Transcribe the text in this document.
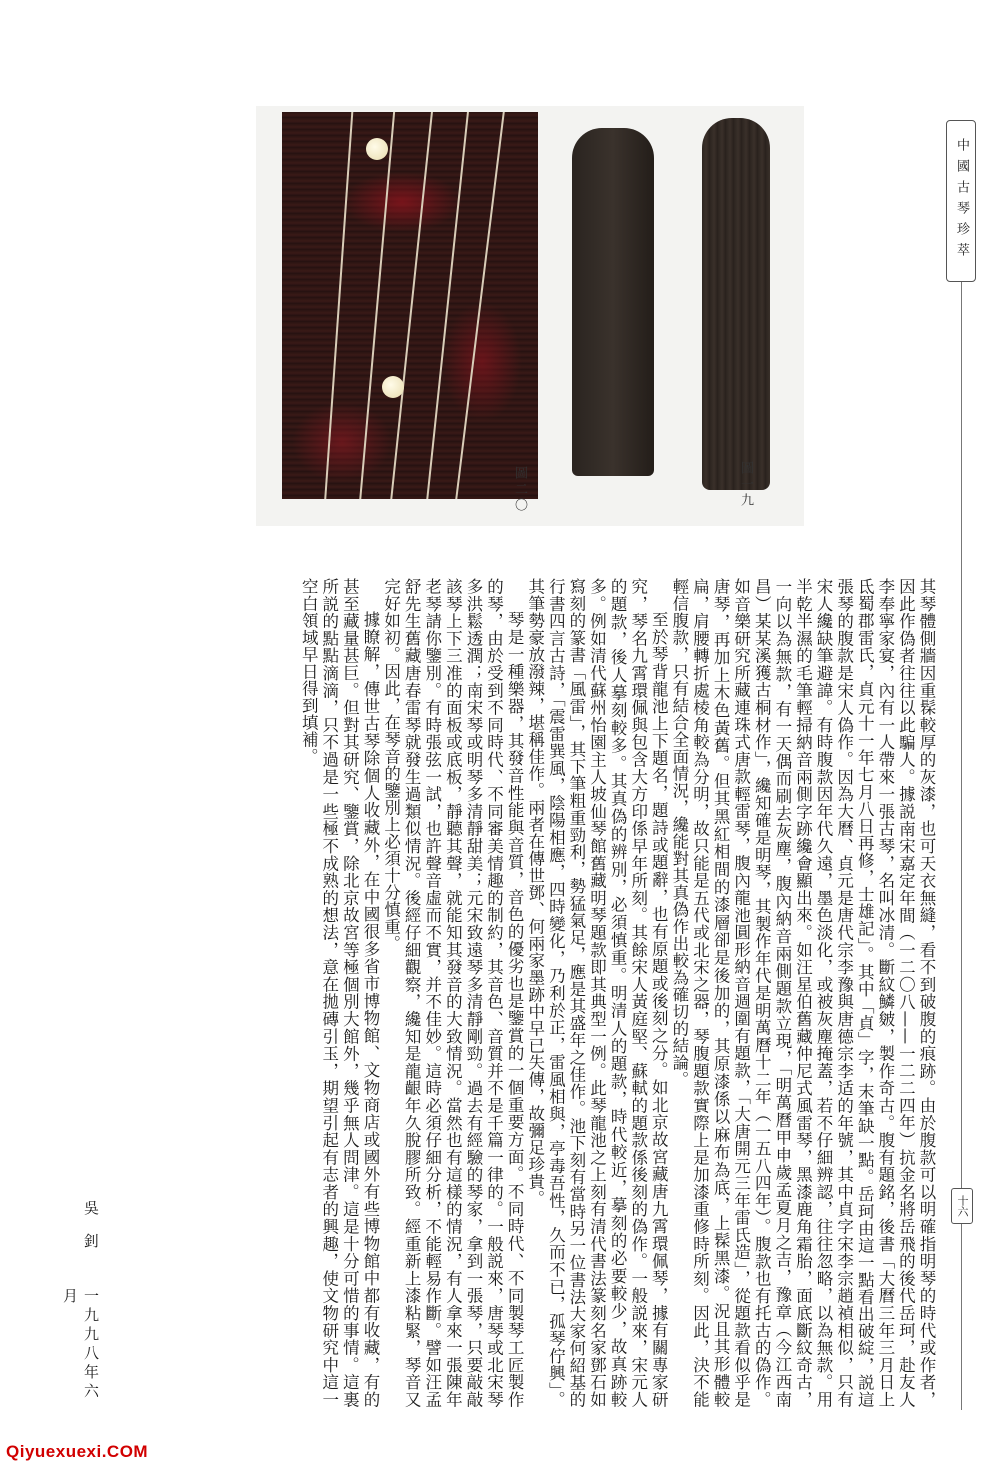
中國古琴珍萃
十六
圖二〇	圖一九

其琴體側牆因重髹較厚的灰漆，也可天衣無縫，看不到破腹的痕跡。由於腹款可以明確指明琴的時代或作者，因此作偽者往往以此騙人。據説南宋嘉定年間（一二〇八——一二二四年）抗金名將岳飛的後代岳珂，赴友人李奉寧家宴，內有一人帶來一張古琴，名叫冰清。斷紋鱗皴，製作奇古。腹有題銘，後書「大曆三年三月日上氐蜀郡雷氏，貞元十一年七月八日再修，士雄記」。其中「貞」字，末筆缺一點。岳珂由這一點看出破綻，説這張琴的腹款是宋人偽作。因為大曆、貞元是唐代宗李豫與唐德宗李适的年號，其中貞字宋李宗趙禎相似，只有宋人纔缺筆避諱。有時腹款因年代久遠，墨色淡化，或被灰塵掩蓋，若不仔細辨認，往往忽略，以為無款。用半乾半濕的毛筆輕掃納音兩側字跡纔會顯出來。如汪星伯舊藏仲尼式風雷琴，黑漆鹿角霜胎，面底斷紋奇古，一向以為無款，有一天偶而刷去灰塵，腹內納音兩側題款立現，「明萬曆甲申歲孟夏月之吉，豫章（今江西南昌）某某溪獲古桐材作」，纔知確是明琴，其製作年代是明萬曆十二年（一五八四年）。腹款也有托古的偽作。如音樂研究所藏連珠式唐款輕雷琴，腹內龍池圓形納音週圍有題款，「大唐開元三年雷氏造」，從題款看似乎是唐琴，再加上木色黃舊。但其黑紅相間的漆層卻是後加的，其原漆係以麻布為底，上髹黑漆。況且其形體較扁，肩腰轉折處棱角較為分明，故只能是五代或北宋之器，琴腹題款實際上是加漆重修時所刻。因此，決不能輕信腹款，只有結合全面情況，纔能對其真偽作出較為確切的結論。

至於琴背龍池上下題名，題詩或題辭，也有原題或後刻之分。如北京故宮藏唐九霄環佩琴，據有關專家研究，琴名九霄環佩與包含大方印係早年所刻。其餘宋人黃庭堅、蘇軾的題款係後刻的偽作。一般説來，宋元人的題款，後人摹刻較多。其真偽的辨別，必須慎重。明清人的題款，時代較近，摹刻的必要較少，故真跡較多。例如清代蘇州怡園主人坡仙琴館舊藏明琴題款即其典型一例。此琴龍池之上刻有清代書法篆刻名家鄧石如寫刻的篆書「風雷」，其下筆粗重勁利，勢猛氣足，應是其盛年之佳作。池下刻有當時另一位書法大家何紹基的行書四言古詩，「震雷巽風，陰陽相應，四時變化，乃利於正，雷風相與，亭毒吾性，久而不已，孤琴佇興」。其筆勢豪放潑辣，堪稱佳作。兩者在傳世鄧、何兩家墨跡中早已失傳，故彌足珍貴。

琴是一種樂器，其發音性能與音質，音色的優劣也是鑒賞的一個重要方面。不同時代、不同製琴工匠製作的琴，由於受到不同時代、不同審美情趣的制約，其音色、音質并不是千篇一律的。一般説來，唐琴或北宋琴多洪鬆透潤；南宋琴或明琴多清靜甜美；元宋致遠琴多清靜剛勁。過去有經驗的琴家，拿到一張琴，只要敲敲該琴上下三准的面板或底板，靜聽其聲，就能知其發音的大致情況。當然也有這樣的情況，有人拿來一張陳年老琴請你鑒別。有時張弦一試，也許聲音虛而不實，并不佳妙。這時必須仔細分析，不能輕易作斷。譬如汪孟舒先生舊藏唐春雷琴就發生過類似情況。後經仔細觀察，纔知是龍齦年久脫膠所致。經重新上漆粘緊，琴音又完好如初。因此，在琴音的鑒別上必須十分慎重。

據瞭解，傳世古琴除個人收藏外，在中國很多省市博物館、文物商店或國外有些博物館中都有收藏，有的甚至藏量甚巨。但對其研究、鑒賞，除北京故宮等極個別大館外，幾乎無人問津。這是十分可惜的事情。這裏所説的點點滴滴，只不過是一些極不成熟的想法，意在拋磚引玉，期望引起有志者的興趣，使文物研究中這一空白領域早日得到填補。

吳釗
一九九八年六月
Qiyuexuexi.COM
